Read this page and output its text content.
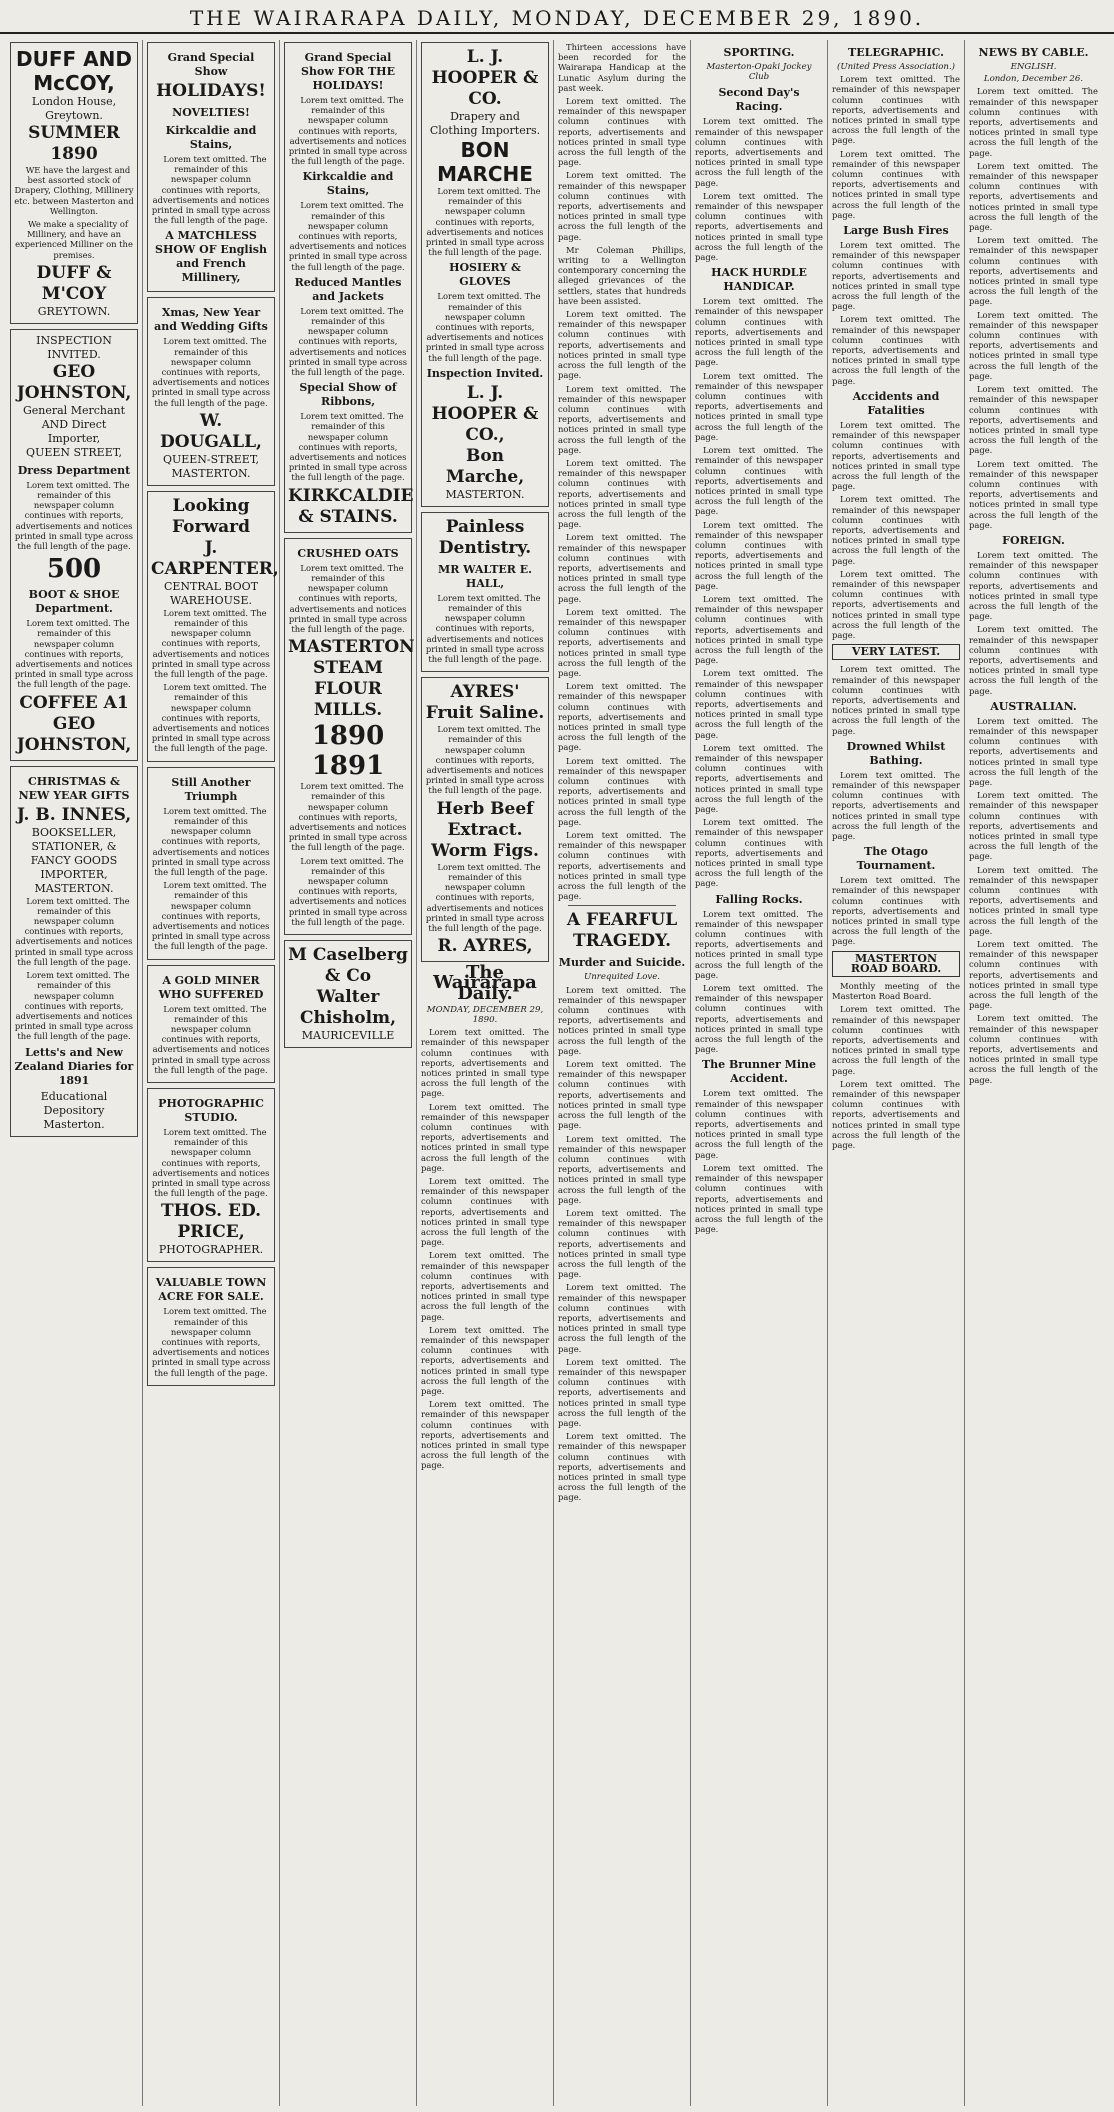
THE WAIRARAPA DAILY, MONDAY, DECEMBER 29, 1890.
DUFF AND McCOY,
London House, Greytown.
SUMMER 1890
WE have the largest and best assorted stock of Drapery, Clothing, Millinery etc. between Masterton and Wellington.
We make a speciality of Millinery, and have an experienced Milliner on the premises.
DUFF & M'COY
GREYTOWN.
INSPECTION INVITED.
GEO JOHNSTON,
General Merchant AND Direct Importer,
QUEEN STREET,
Dress Department
Lorem text omitted. The remainder of this newspaper column continues with reports, advertisements and notices printed in small type across the full length of the page.
500
BOOT & SHOE Department.
Lorem text omitted. The remainder of this newspaper column continues with reports, advertisements and notices printed in small type across the full length of the page.
COFFEE A1
GEO JOHNSTON,
CHRISTMAS & NEW YEAR GIFTS
J. B. INNES,
BOOKSELLER, STATIONER, & FANCY GOODS IMPORTER, MASTERTON.
Lorem text omitted. The remainder of this newspaper column continues with reports, advertisements and notices printed in small type across the full length of the page.
Lorem text omitted. The remainder of this newspaper column continues with reports, advertisements and notices printed in small type across the full length of the page.
Letts's and New Zealand Diaries for 1891
Educational Depository Masterton.
Grand Special Show
HOLIDAYS!
NOVELTIES!
Kirkcaldie and Stains,
Lorem text omitted. The remainder of this newspaper column continues with reports, advertisements and notices printed in small type across the full length of the page.
A MATCHLESS SHOW OF English and French Millinery,
Xmas, New Year and Wedding Gifts
Lorem text omitted. The remainder of this newspaper column continues with reports, advertisements and notices printed in small type across the full length of the page.
W. DOUGALL,
QUEEN-STREET, MASTERTON.
Looking Forward
J. CARPENTER,
CENTRAL BOOT WAREHOUSE.
Lorem text omitted. The remainder of this newspaper column continues with reports, advertisements and notices printed in small type across the full length of the page.
Lorem text omitted. The remainder of this newspaper column continues with reports, advertisements and notices printed in small type across the full length of the page.
Still Another Triumph
Lorem text omitted. The remainder of this newspaper column continues with reports, advertisements and notices printed in small type across the full length of the page.
Lorem text omitted. The remainder of this newspaper column continues with reports, advertisements and notices printed in small type across the full length of the page.
A GOLD MINER WHO SUFFERED
Lorem text omitted. The remainder of this newspaper column continues with reports, advertisements and notices printed in small type across the full length of the page.
PHOTOGRAPHIC STUDIO.
Lorem text omitted. The remainder of this newspaper column continues with reports, advertisements and notices printed in small type across the full length of the page.
THOS. ED. PRICE,
PHOTOGRAPHER.
VALUABLE TOWN ACRE FOR SALE.
Lorem text omitted. The remainder of this newspaper column continues with reports, advertisements and notices printed in small type across the full length of the page.
Grand Special Show FOR THE HOLIDAYS!
Lorem text omitted. The remainder of this newspaper column continues with reports, advertisements and notices printed in small type across the full length of the page.
Kirkcaldie and Stains,
Lorem text omitted. The remainder of this newspaper column continues with reports, advertisements and notices printed in small type across the full length of the page.
Reduced Mantles and Jackets
Lorem text omitted. The remainder of this newspaper column continues with reports, advertisements and notices printed in small type across the full length of the page.
Special Show of Ribbons,
Lorem text omitted. The remainder of this newspaper column continues with reports, advertisements and notices printed in small type across the full length of the page.
KIRKCALDIE & STAINS.
CRUSHED OATS
Lorem text omitted. The remainder of this newspaper column continues with reports, advertisements and notices printed in small type across the full length of the page.
MASTERTON STEAM FLOUR MILLS.
1890 1891
Lorem text omitted. The remainder of this newspaper column continues with reports, advertisements and notices printed in small type across the full length of the page.
Lorem text omitted. The remainder of this newspaper column continues with reports, advertisements and notices printed in small type across the full length of the page.
M Caselberg & Co
Walter Chisholm,
MAURICEVILLE
L. J. HOOPER & CO.
Drapery and Clothing Importers.
BON MARCHE
Lorem text omitted. The remainder of this newspaper column continues with reports, advertisements and notices printed in small type across the full length of the page.
HOSIERY & GLOVES
Lorem text omitted. The remainder of this newspaper column continues with reports, advertisements and notices printed in small type across the full length of the page.
Inspection Invited.
L. J. HOOPER & CO.,
Bon Marche,
MASTERTON.
Painless Dentistry.
MR WALTER E. HALL,
Lorem text omitted. The remainder of this newspaper column continues with reports, advertisements and notices printed in small type across the full length of the page.
AYRES' Fruit Saline.
Lorem text omitted. The remainder of this newspaper column continues with reports, advertisements and notices printed in small type across the full length of the page.
Herb Beef Extract.
Worm Figs.
Lorem text omitted. The remainder of this newspaper column continues with reports, advertisements and notices printed in small type across the full length of the page.
R. AYRES,
The Wairarapa Daily.
MONDAY, DECEMBER 29, 1890.
Lorem text omitted. The remainder of this newspaper column continues with reports, advertisements and notices printed in small type across the full length of the page.
Lorem text omitted. The remainder of this newspaper column continues with reports, advertisements and notices printed in small type across the full length of the page.
Lorem text omitted. The remainder of this newspaper column continues with reports, advertisements and notices printed in small type across the full length of the page.
Lorem text omitted. The remainder of this newspaper column continues with reports, advertisements and notices printed in small type across the full length of the page.
Lorem text omitted. The remainder of this newspaper column continues with reports, advertisements and notices printed in small type across the full length of the page.
Lorem text omitted. The remainder of this newspaper column continues with reports, advertisements and notices printed in small type across the full length of the page.
Thirteen accessions have been recorded for the Wairarapa Handicap at the Lunatic Asylum during the past week.
Lorem text omitted. The remainder of this newspaper column continues with reports, advertisements and notices printed in small type across the full length of the page.
Lorem text omitted. The remainder of this newspaper column continues with reports, advertisements and notices printed in small type across the full length of the page.
Mr Coleman Phillips, writing to a Wellington contemporary concerning the alleged grievances of the settlers, states that hundreds have been assisted.
Lorem text omitted. The remainder of this newspaper column continues with reports, advertisements and notices printed in small type across the full length of the page.
Lorem text omitted. The remainder of this newspaper column continues with reports, advertisements and notices printed in small type across the full length of the page.
Lorem text omitted. The remainder of this newspaper column continues with reports, advertisements and notices printed in small type across the full length of the page.
Lorem text omitted. The remainder of this newspaper column continues with reports, advertisements and notices printed in small type across the full length of the page.
Lorem text omitted. The remainder of this newspaper column continues with reports, advertisements and notices printed in small type across the full length of the page.
Lorem text omitted. The remainder of this newspaper column continues with reports, advertisements and notices printed in small type across the full length of the page.
Lorem text omitted. The remainder of this newspaper column continues with reports, advertisements and notices printed in small type across the full length of the page.
Lorem text omitted. The remainder of this newspaper column continues with reports, advertisements and notices printed in small type across the full length of the page.
A FEARFUL TRAGEDY.
Murder and Suicide.
Unrequited Love.
Lorem text omitted. The remainder of this newspaper column continues with reports, advertisements and notices printed in small type across the full length of the page.
Lorem text omitted. The remainder of this newspaper column continues with reports, advertisements and notices printed in small type across the full length of the page.
Lorem text omitted. The remainder of this newspaper column continues with reports, advertisements and notices printed in small type across the full length of the page.
Lorem text omitted. The remainder of this newspaper column continues with reports, advertisements and notices printed in small type across the full length of the page.
Lorem text omitted. The remainder of this newspaper column continues with reports, advertisements and notices printed in small type across the full length of the page.
Lorem text omitted. The remainder of this newspaper column continues with reports, advertisements and notices printed in small type across the full length of the page.
Lorem text omitted. The remainder of this newspaper column continues with reports, advertisements and notices printed in small type across the full length of the page.
SPORTING.
Masterton-Opaki Jockey Club
Second Day's Racing.
Lorem text omitted. The remainder of this newspaper column continues with reports, advertisements and notices printed in small type across the full length of the page.
Lorem text omitted. The remainder of this newspaper column continues with reports, advertisements and notices printed in small type across the full length of the page.
HACK HURDLE HANDICAP.
Lorem text omitted. The remainder of this newspaper column continues with reports, advertisements and notices printed in small type across the full length of the page.
Lorem text omitted. The remainder of this newspaper column continues with reports, advertisements and notices printed in small type across the full length of the page.
Lorem text omitted. The remainder of this newspaper column continues with reports, advertisements and notices printed in small type across the full length of the page.
Lorem text omitted. The remainder of this newspaper column continues with reports, advertisements and notices printed in small type across the full length of the page.
Lorem text omitted. The remainder of this newspaper column continues with reports, advertisements and notices printed in small type across the full length of the page.
Lorem text omitted. The remainder of this newspaper column continues with reports, advertisements and notices printed in small type across the full length of the page.
Lorem text omitted. The remainder of this newspaper column continues with reports, advertisements and notices printed in small type across the full length of the page.
Lorem text omitted. The remainder of this newspaper column continues with reports, advertisements and notices printed in small type across the full length of the page.
Falling Rocks.
Lorem text omitted. The remainder of this newspaper column continues with reports, advertisements and notices printed in small type across the full length of the page.
Lorem text omitted. The remainder of this newspaper column continues with reports, advertisements and notices printed in small type across the full length of the page.
The Brunner Mine Accident.
Lorem text omitted. The remainder of this newspaper column continues with reports, advertisements and notices printed in small type across the full length of the page.
Lorem text omitted. The remainder of this newspaper column continues with reports, advertisements and notices printed in small type across the full length of the page.
TELEGRAPHIC.
(United Press Association.)
Lorem text omitted. The remainder of this newspaper column continues with reports, advertisements and notices printed in small type across the full length of the page.
Lorem text omitted. The remainder of this newspaper column continues with reports, advertisements and notices printed in small type across the full length of the page.
Large Bush Fires
Lorem text omitted. The remainder of this newspaper column continues with reports, advertisements and notices printed in small type across the full length of the page.
Lorem text omitted. The remainder of this newspaper column continues with reports, advertisements and notices printed in small type across the full length of the page.
Accidents and Fatalities
Lorem text omitted. The remainder of this newspaper column continues with reports, advertisements and notices printed in small type across the full length of the page.
Lorem text omitted. The remainder of this newspaper column continues with reports, advertisements and notices printed in small type across the full length of the page.
Lorem text omitted. The remainder of this newspaper column continues with reports, advertisements and notices printed in small type across the full length of the page.
VERY LATEST.
Lorem text omitted. The remainder of this newspaper column continues with reports, advertisements and notices printed in small type across the full length of the page.
Drowned Whilst Bathing.
Lorem text omitted. The remainder of this newspaper column continues with reports, advertisements and notices printed in small type across the full length of the page.
The Otago Tournament.
Lorem text omitted. The remainder of this newspaper column continues with reports, advertisements and notices printed in small type across the full length of the page.
MASTERTON ROAD BOARD.
Monthly meeting of the Masterton Road Board.
Lorem text omitted. The remainder of this newspaper column continues with reports, advertisements and notices printed in small type across the full length of the page.
Lorem text omitted. The remainder of this newspaper column continues with reports, advertisements and notices printed in small type across the full length of the page.
NEWS BY CABLE.
ENGLISH.
London, December 26.
Lorem text omitted. The remainder of this newspaper column continues with reports, advertisements and notices printed in small type across the full length of the page.
Lorem text omitted. The remainder of this newspaper column continues with reports, advertisements and notices printed in small type across the full length of the page.
Lorem text omitted. The remainder of this newspaper column continues with reports, advertisements and notices printed in small type across the full length of the page.
Lorem text omitted. The remainder of this newspaper column continues with reports, advertisements and notices printed in small type across the full length of the page.
Lorem text omitted. The remainder of this newspaper column continues with reports, advertisements and notices printed in small type across the full length of the page.
Lorem text omitted. The remainder of this newspaper column continues with reports, advertisements and notices printed in small type across the full length of the page.
FOREIGN.
Lorem text omitted. The remainder of this newspaper column continues with reports, advertisements and notices printed in small type across the full length of the page.
Lorem text omitted. The remainder of this newspaper column continues with reports, advertisements and notices printed in small type across the full length of the page.
AUSTRALIAN.
Lorem text omitted. The remainder of this newspaper column continues with reports, advertisements and notices printed in small type across the full length of the page.
Lorem text omitted. The remainder of this newspaper column continues with reports, advertisements and notices printed in small type across the full length of the page.
Lorem text omitted. The remainder of this newspaper column continues with reports, advertisements and notices printed in small type across the full length of the page.
Lorem text omitted. The remainder of this newspaper column continues with reports, advertisements and notices printed in small type across the full length of the page.
Lorem text omitted. The remainder of this newspaper column continues with reports, advertisements and notices printed in small type across the full length of the page.
